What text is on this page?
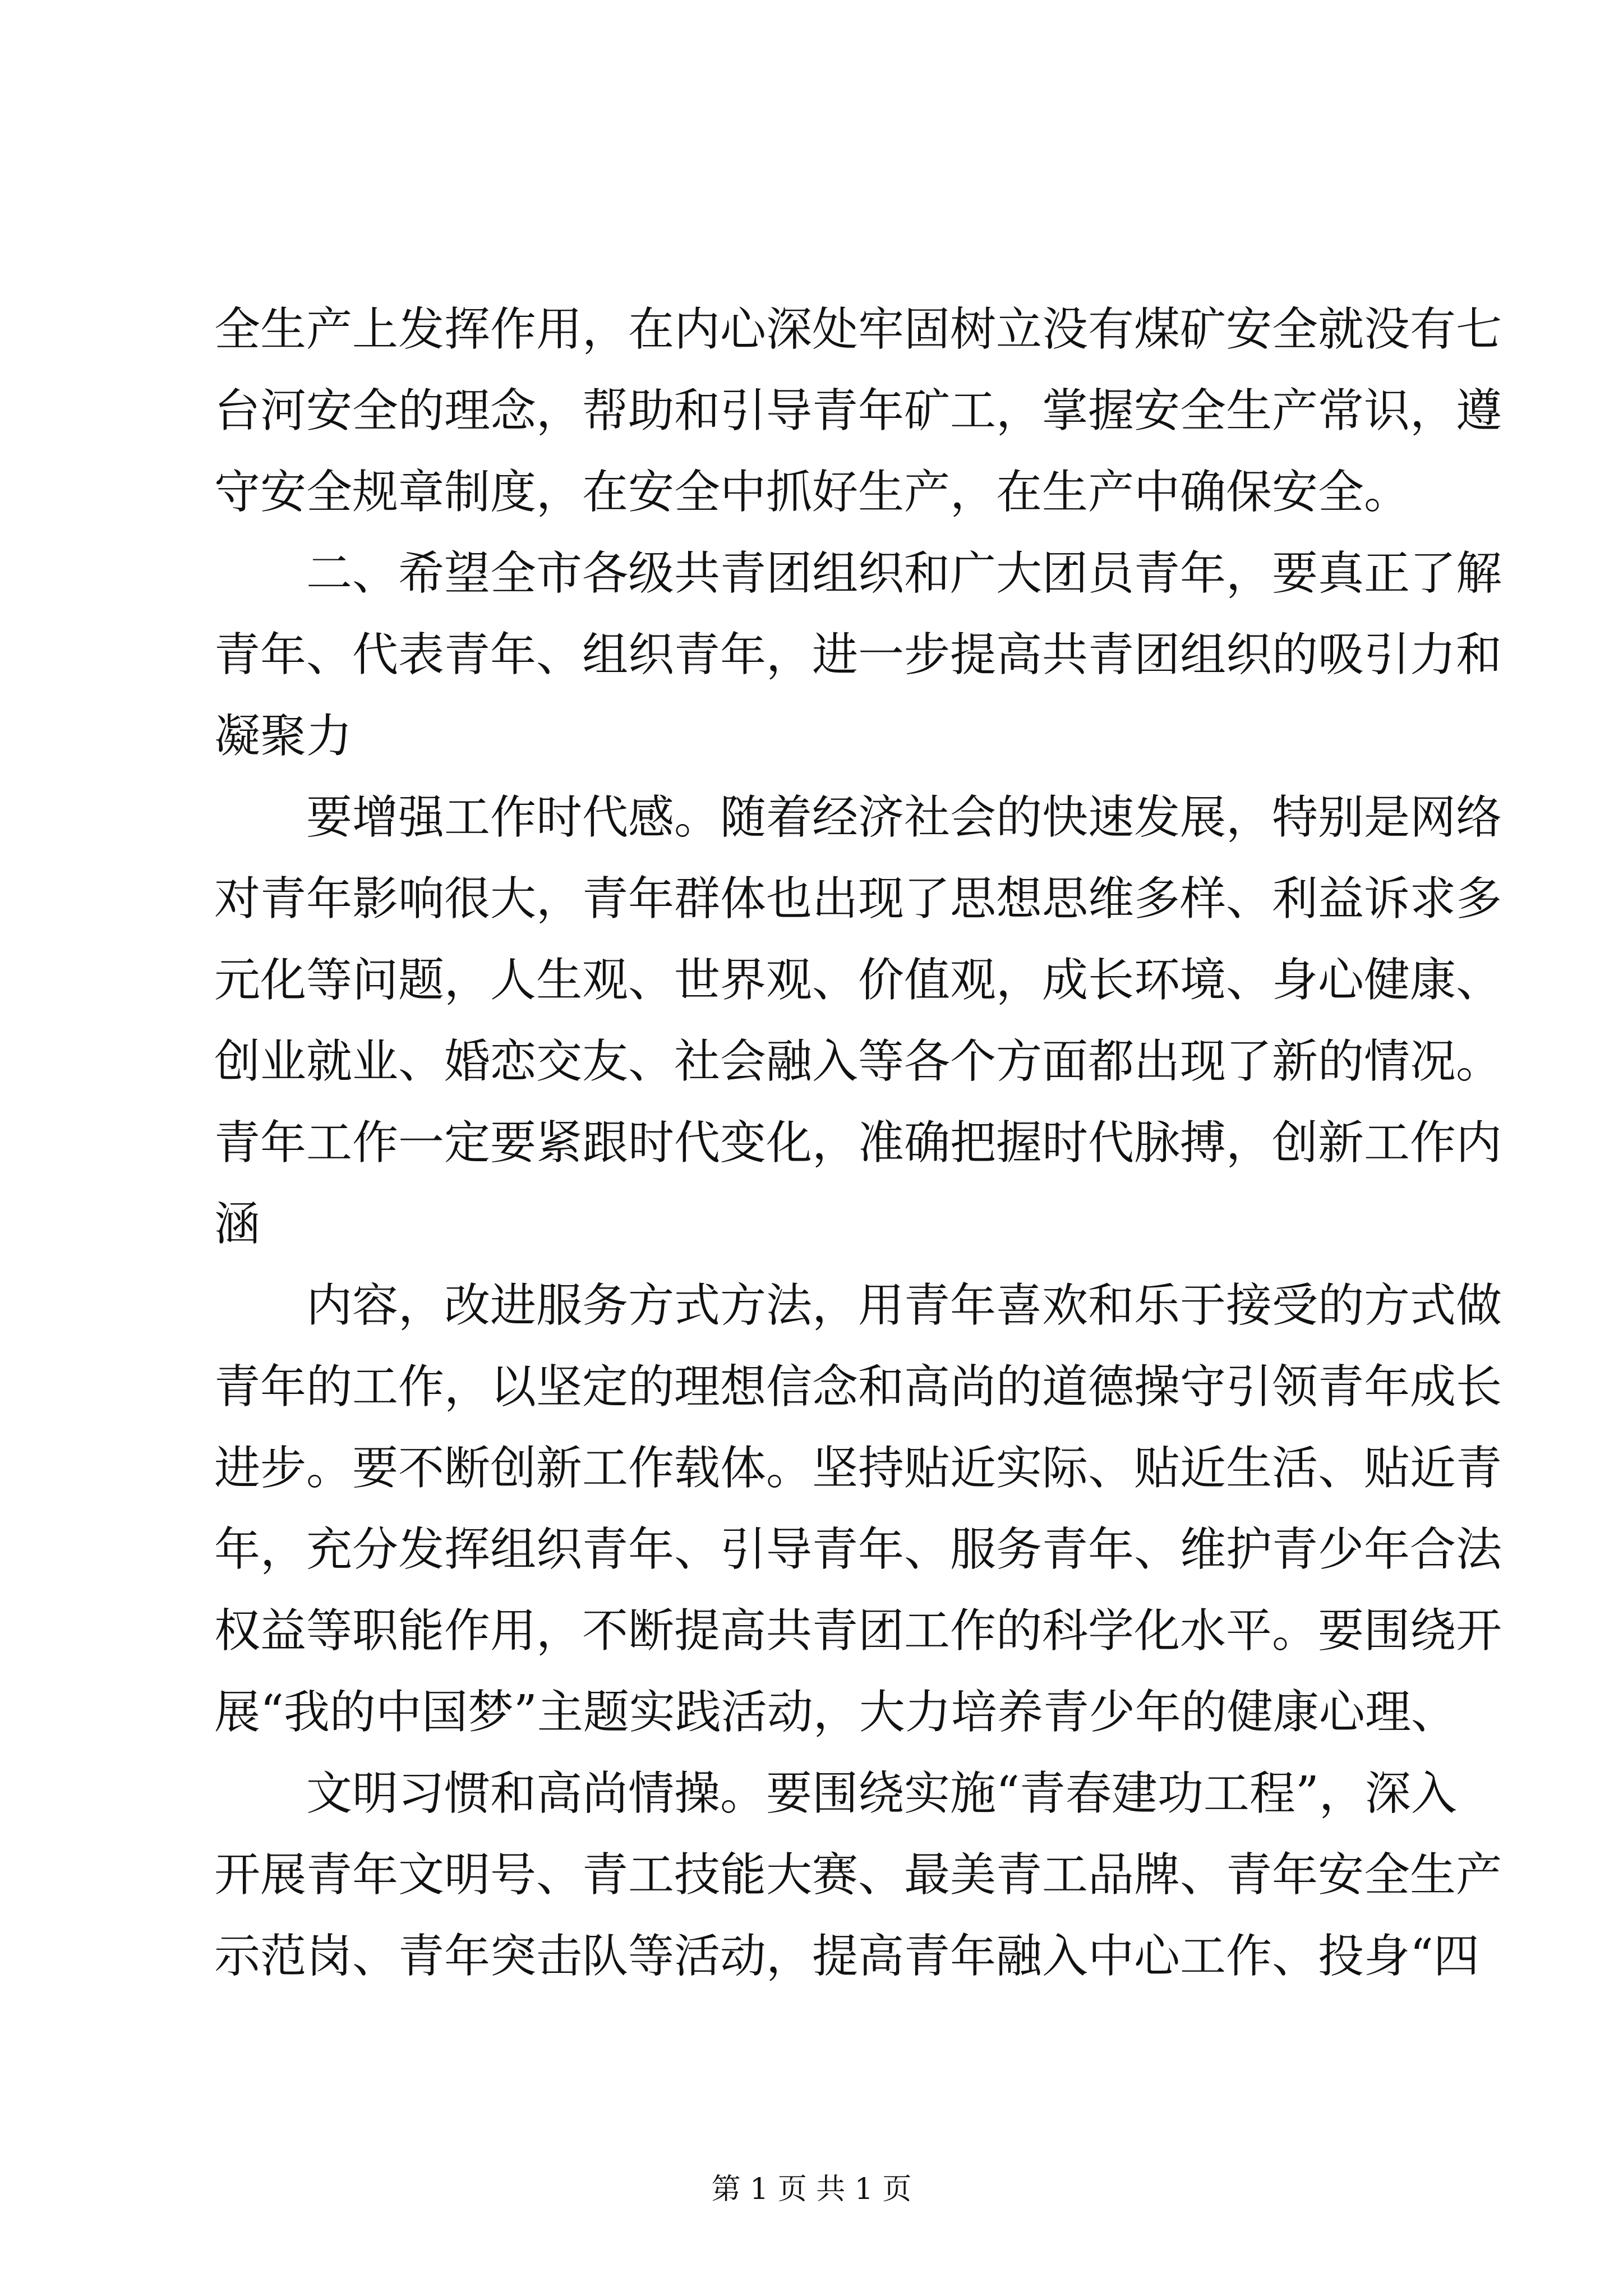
全生产上发挥作用，在内心深处牢固树立没有煤矿安全就没有七
台河安全的理念，帮助和引导青年矿工，掌握安全生产常识，遵
守安全规章制度，在安全中抓好生产，在生产中确保安全。
二、希望全市各级共青团组织和广大团员青年，要真正了解
青年、代表青年、组织青年，进一步提高共青团组织的吸引力和
凝聚力
要增强工作时代感。随着经济社会的快速发展，特别是网络
对青年影响很大，青年群体也出现了思想思维多样、利益诉求多
元化等问题，人生观、世界观、价值观，成长环境、身心健康、
创业就业、婚恋交友、社会融入等各个方面都出现了新的情况。
青年工作一定要紧跟时代变化，准确把握时代脉搏，创新工作内
涵
内容，改进服务方式方法，用青年喜欢和乐于接受的方式做
青年的工作，以坚定的理想信念和高尚的道德操守引领青年成长
进步。要不断创新工作载体。坚持贴近实际、贴近生活、贴近青
年，充分发挥组织青年、引导青年、服务青年、维护青少年合法
权益等职能作用，不断提高共青团工作的科学化水平。要围绕开
展“我的中国梦”主题实践活动，大力培养青少年的健康心理、
文明习惯和高尚情操。要围绕实施“青春建功工程”，深入
开展青年文明号、青工技能大赛、最美青工品牌、青年安全生产
示范岗、青年突击队等活动，提高青年融入中心工作、投身“四
第 1 页 共 1 页
